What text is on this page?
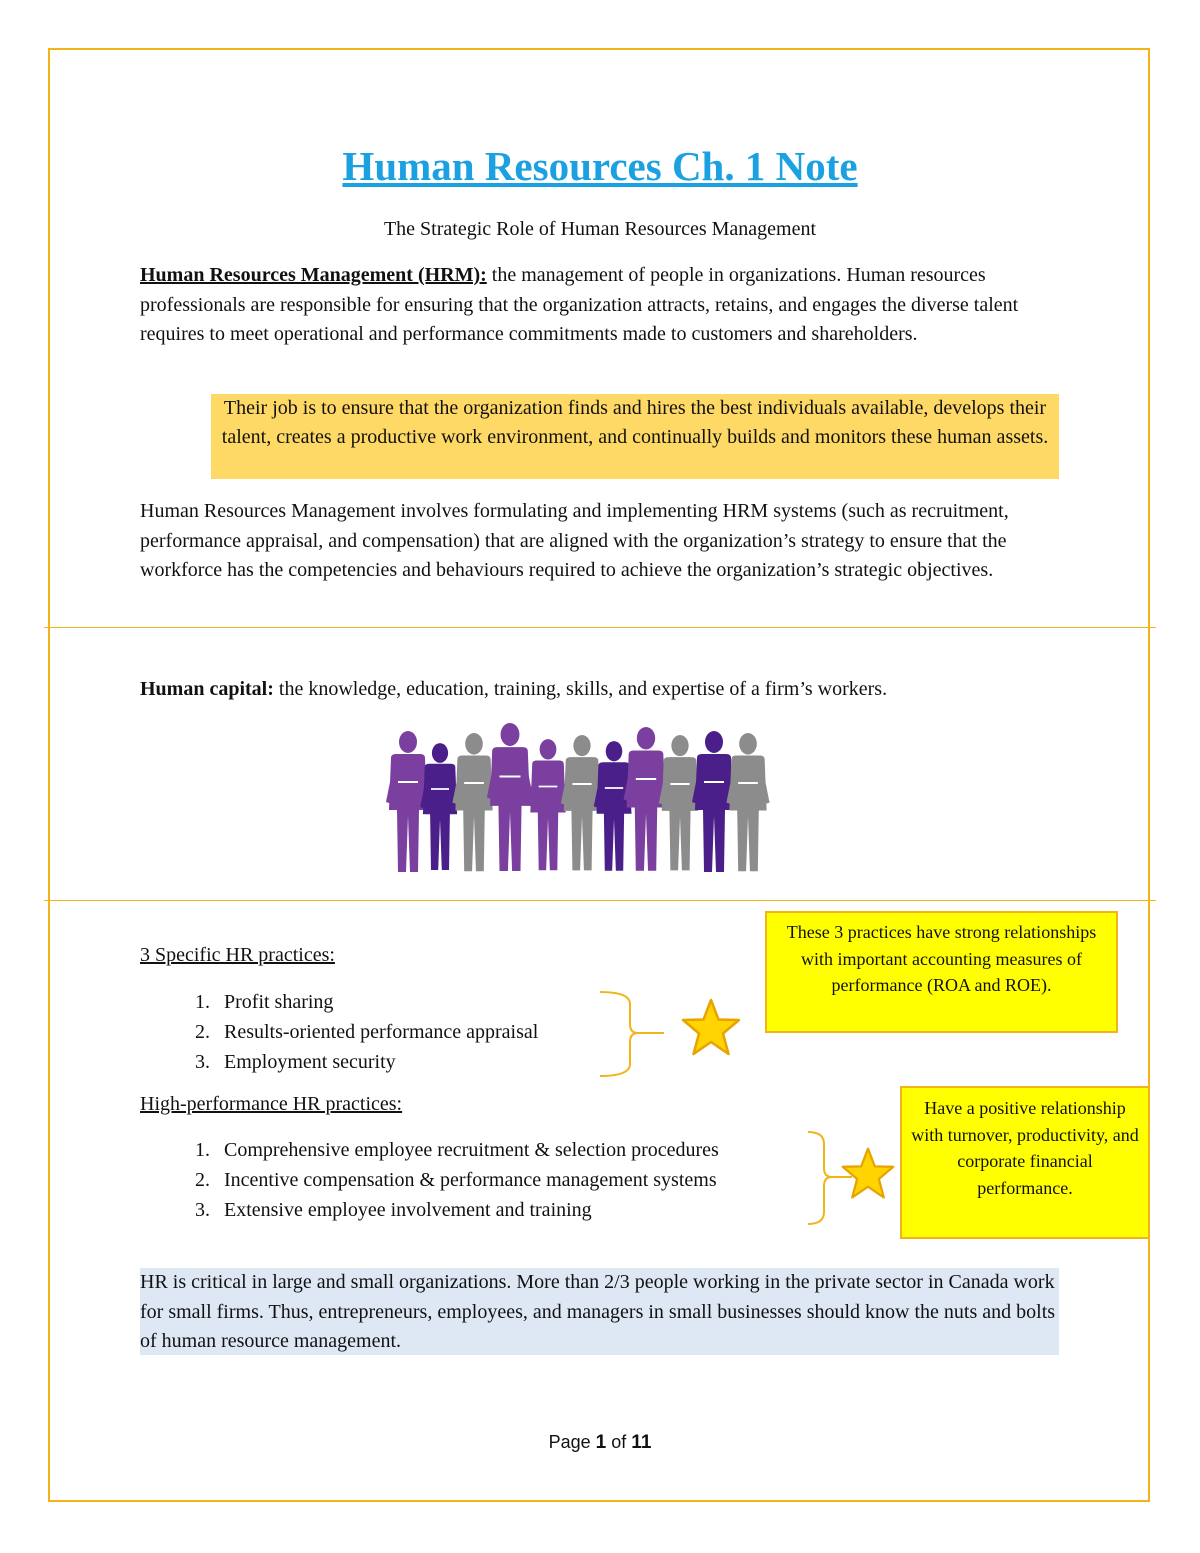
Human Resources Ch. 1 Note
The Strategic Role of Human Resources Management
Human Resources Management (HRM): the management of people in organizations. Human resources professionals are responsible for ensuring that the organization attracts, retains, and engages the diverse talent requires to meet operational and performance commitments made to customers and shareholders.
Their job is to ensure that the organization finds and hires the best individuals available, develops their talent, creates a productive work environment, and continually builds and monitors these human assets.
Human Resources Management involves formulating and implementing HRM systems (such as recruitment, performance appraisal, and compensation) that are aligned with the organization’s strategy to ensure that the workforce has the competencies and behaviours required to achieve the organization’s strategic objectives.
Human capital: the knowledge, education, training, skills, and expertise of a firm’s workers.
3 Specific HR practices:
1. Profit sharing
2. Results-oriented performance appraisal
3. Employment security
These 3 practices have strong relationships with important accounting measures of performance (ROA and ROE).
High-performance HR practices:
1. Comprehensive employee recruitment & selection procedures
2. Incentive compensation & performance management systems
3. Extensive employee involvement and training
Have a positive relationship with turnover, productivity, and corporate financial performance.
HR is critical in large and small organizations. More than 2/3 people working in the private sector in Canada work for small firms. Thus, entrepreneurs, employees, and managers in small businesses should know the nuts and bolts of human resource management.
Page 1 of 11
